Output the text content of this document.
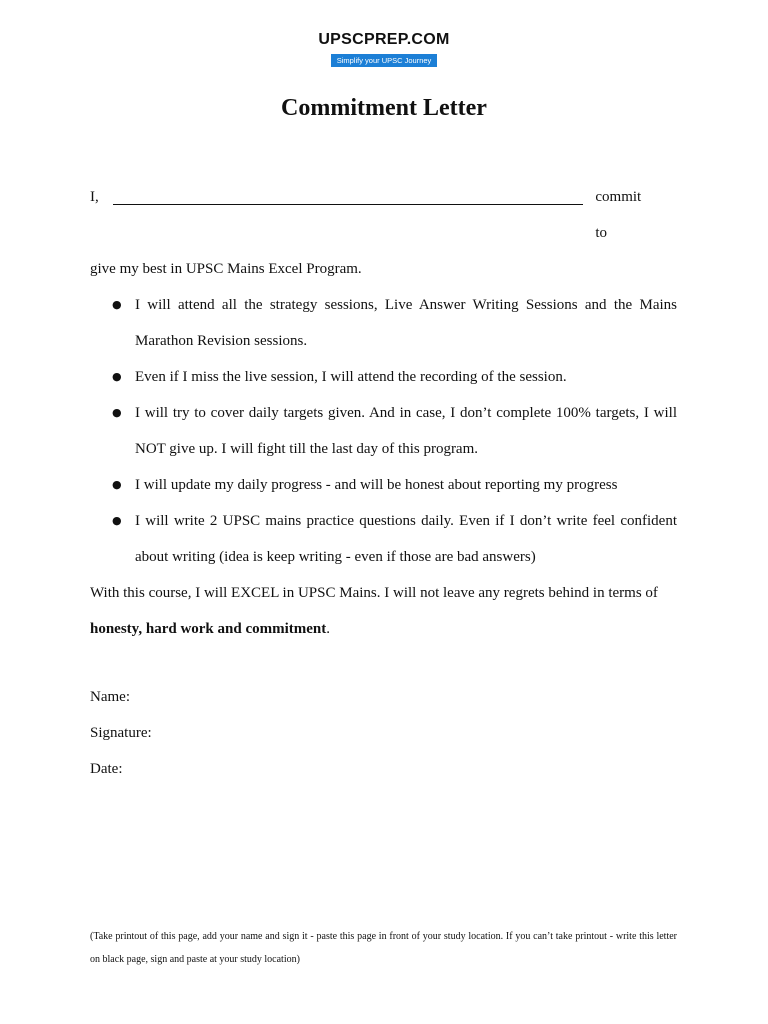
UPSCPREP.COM
Simplify your UPSC Journey
Commitment Letter
I,	commit to
give my best in UPSC Mains Excel Program.
● I will attend all the strategy sessions, Live Answer Writing Sessions and the Mains Marathon Revision sessions.
● Even if I miss the live session, I will attend the recording of the session.
● I will try to cover daily targets given. And in case, I don’t complete 100% targets, I will NOT give up. I will fight till the last day of this program.
● I will update my daily progress - and will be honest about reporting my progress
● I will write 2 UPSC mains practice questions daily. Even if I don’t write feel confident about writing (idea is keep writing - even if those are bad answers)
With this course, I will EXCEL in UPSC Mains. I will not leave any regrets behind in terms of
honesty, hard work and commitment.
Name:
Signature:
Date:
(Take printout of this page, add your name and sign it - paste this page in front of your study location. If you can’t take printout - write this letter on black page, sign and paste at your study location)
